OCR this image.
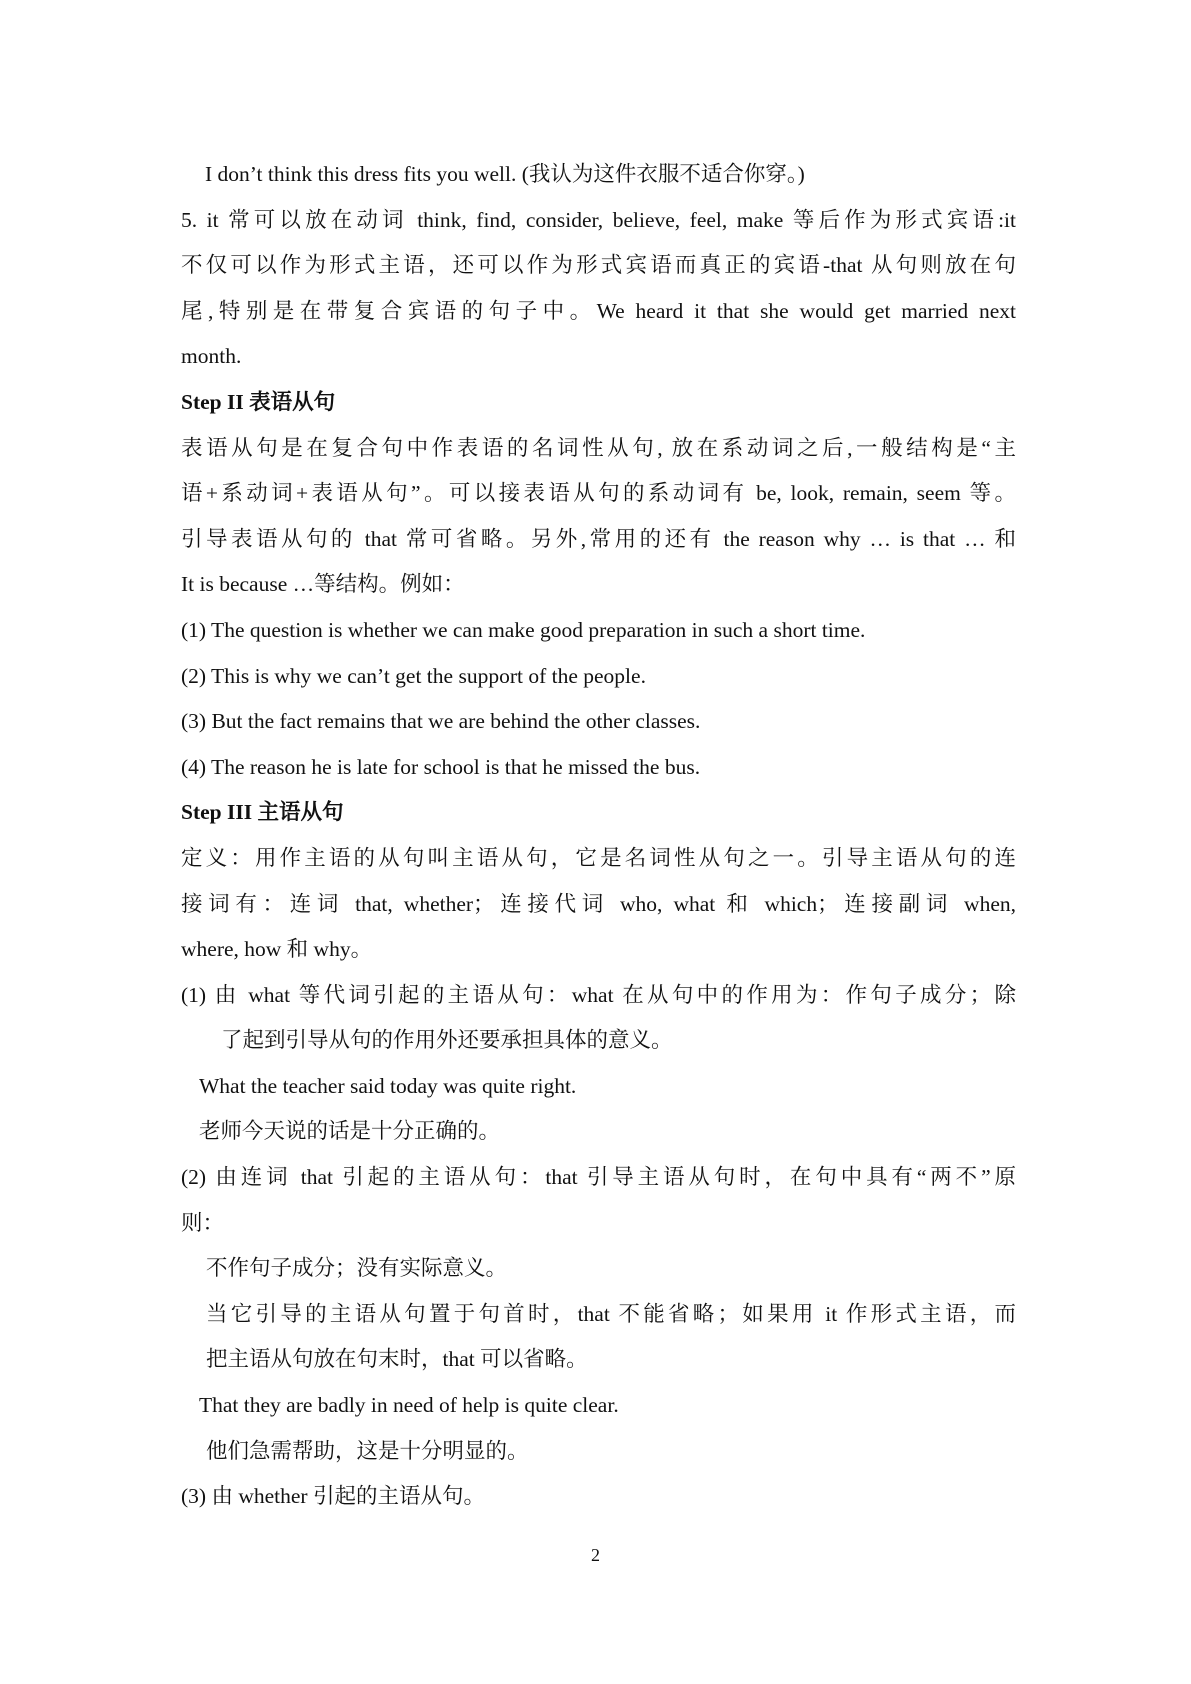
I don’t think this dress fits you well. (我认为这件衣服不适合你穿。)
5. it 常可以放在动词 think, find, consider, believe, feel, make 等后作为形式宾语:it
不仅可以作为形式主语，还可以作为形式宾语而真正的宾语-that 从句则放在句
尾,特别是在带复合宾语的句子中。We heard it that she would get married next
month.
Step II 表语从句
表语从句是在复合句中作表语的名词性从句, 放在系动词之后,一般结构是“主
语+系动词+表语从句”。可以接表语从句的系动词有 be, look, remain, seem 等。
引导表语从句的 that 常可省略。另外,常用的还有 the reason why … is that … 和
It is because …等结构。例如：
(1) The question is whether we can make good preparation in such a short time.
(2) This is why we can’t get the support of the people.
(3) But the fact remains that we are behind the other classes.
(4) The reason he is late for school is that he missed the bus.
Step III 主语从句
定义：用作主语的从句叫主语从句，它是名词性从句之一。引导主语从句的连
接词有：连词 that, whether；连接代词 who, what 和 which；连接副词 when,
where, how 和 why。
(1) 由 what 等代词引起的主语从句：what 在从句中的作用为：作句子成分；除
了起到引导从句的作用外还要承担具体的意义。
What the teacher said today was quite right.
老师今天说的话是十分正确的。
(2) 由连词 that 引起的主语从句：that 引导主语从句时，在句中具有“两不”原
则：
不作句子成分；没有实际意义。
当它引导的主语从句置于句首时，that 不能省略；如果用 it 作形式主语，而
把主语从句放在句末时，that 可以省略。
That they are badly in need of help is quite clear.
他们急需帮助，这是十分明显的。
(3) 由 whether 引起的主语从句。
2
